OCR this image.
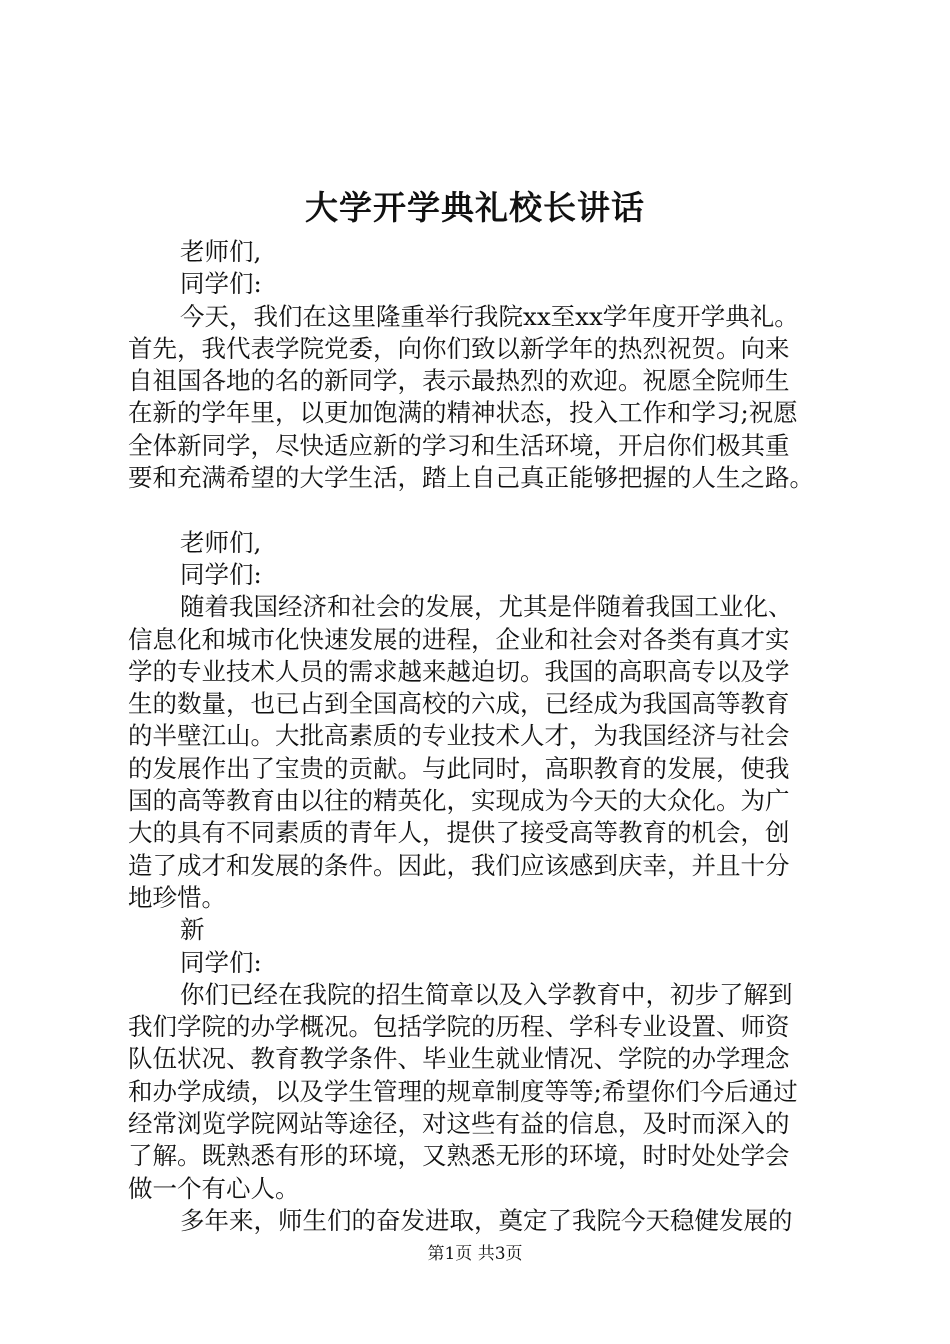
大学开学典礼校长讲话
老师们,
同学们:
今天，我们在这里隆重举行我院xx至xx学年度开学典礼。
首先，我代表学院党委，向你们致以新学年的热烈祝贺。向来
自祖国各地的名的新同学，表示最热烈的欢迎。祝愿全院师生
在新的学年里，以更加饱满的精神状态，投入工作和学习;祝愿
全体新同学，尽快适应新的学习和生活环境，开启你们极其重
要和充满希望的大学生活，踏上自己真正能够把握的人生之路。
老师们,
同学们:
随着我国经济和社会的发展，尤其是伴随着我国工业化、
信息化和城市化快速发展的进程，企业和社会对各类有真才实
学的专业技术人员的需求越来越迫切。我国的高职高专以及学
生的数量，也已占到全国高校的六成，已经成为我国高等教育
的半壁江山。大批高素质的专业技术人才，为我国经济与社会
的发展作出了宝贵的贡献。与此同时，高职教育的发展，使我
国的高等教育由以往的精英化，实现成为今天的大众化。为广
大的具有不同素质的青年人，提供了接受高等教育的机会，创
造了成才和发展的条件。因此，我们应该感到庆幸，并且十分
地珍惜。
新
同学们:
你们已经在我院的招生简章以及入学教育中，初步了解到
我们学院的办学概况。包括学院的历程、学科专业设置、师资
队伍状况、教育教学条件、毕业生就业情况、学院的办学理念
和办学成绩，以及学生管理的规章制度等等;希望你们今后通过
经常浏览学院网站等途径，对这些有益的信息，及时而深入的
了解。既熟悉有形的环境，又熟悉无形的环境，时时处处学会
做一个有心人。
多年来，师生们的奋发进取，奠定了我院今天稳健发展的
第1页 共3页
